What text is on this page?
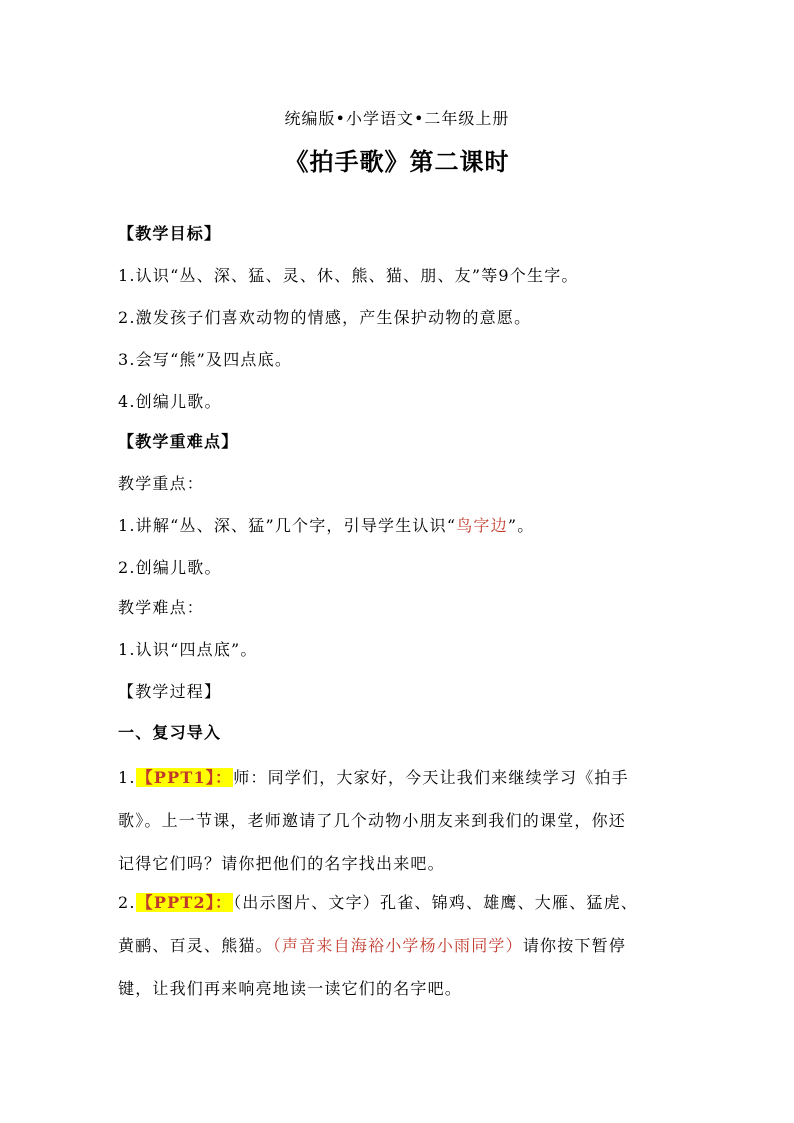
统编版•小学语文•二年级上册
《拍手歌》第二课时
【教学目标】
1.认识“丛、深、猛、灵、休、熊、猫、朋、友”等9个生字。
2.激发孩子们喜欢动物的情感，产生保护动物的意愿。
3.会写“熊”及四点底。
4.创编儿歌。
【教学重难点】
教学重点：
1.讲解“丛、深、猛”几个字，引导学生认识“鸟字边”。
2.创编儿歌。
教学难点：
1.认识“四点底”。
【教学过程】
一、复习导入
1.【PPT1】：师：同学们，大家好，今天让我们来继续学习《拍手
歌》。上一节课，老师邀请了几个动物小朋友来到我们的课堂，你还
记得它们吗？请你把他们的名字找出来吧。
2.【PPT2】：（出示图片、文字）孔雀、锦鸡、雄鹰、大雁、猛虎、
黄鹂、百灵、熊猫。（声音来自海裕小学杨小雨同学）请你按下暂停
键，让我们再来响亮地读一读它们的名字吧。
